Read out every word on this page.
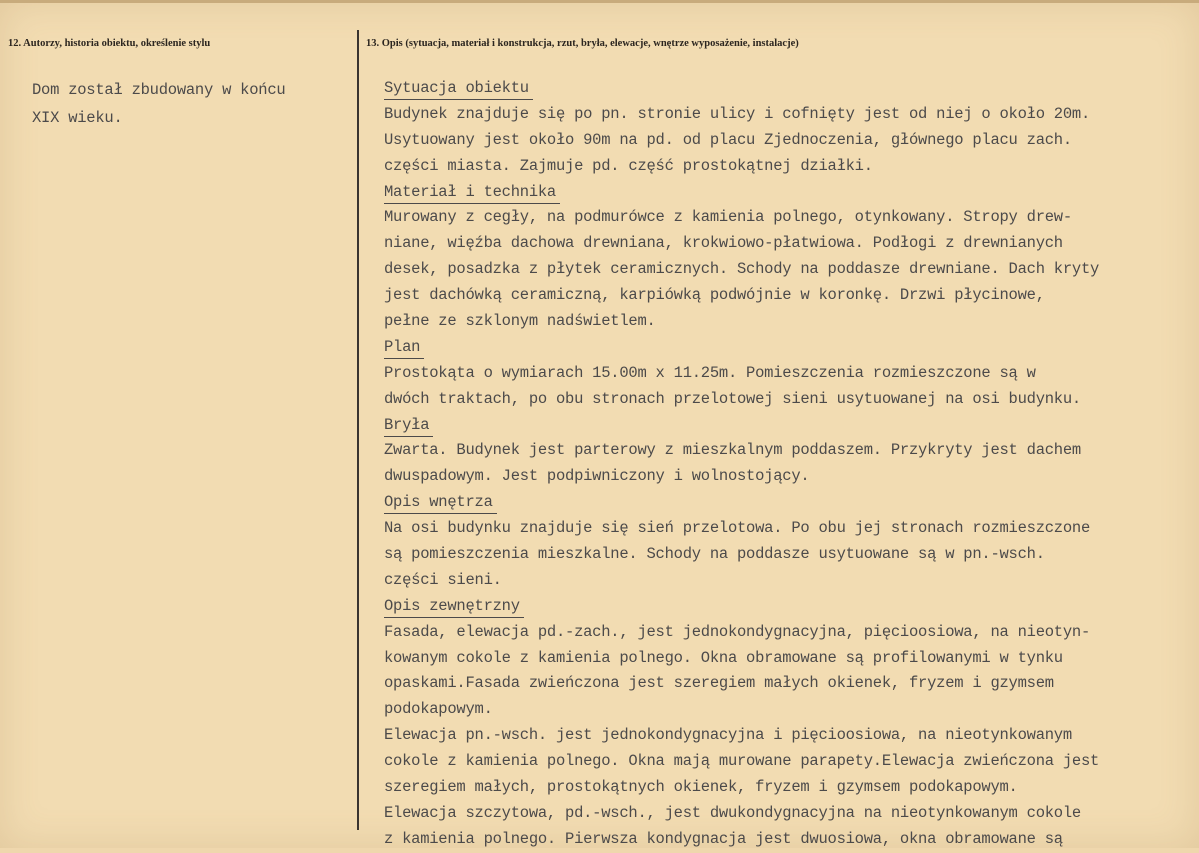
12. Autorzy, historia obiektu, określenie stylu	13. Opis (sytuacja, materiał i konstrukcja, rzut, bryła, elewacje, wnętrze wyposażenie, instalacje)
Dom został zbudowany w końcu
XIX wieku.
Sytuacja obiektu
Budynek znajduje się po pn. stronie ulicy i cofnięty jest od niej o około 20m.
Usytuowany jest około 90m na pd. od placu Zjednoczenia, głównego placu zach.
części miasta. Zajmuje pd. część prostokątnej działki.
Materiał i technika
Murowany z cegły, na podmurówce z kamienia polnego, otynkowany. Stropy drew-
niane, więźba dachowa drewniana, krokwiowo-płatwiowa. Podłogi z drewnianych
desek, posadzka z płytek ceramicznych. Schody na poddasze drewniane. Dach kryty
jest dachówką ceramiczną, karpiówką podwójnie w koronkę. Drzwi płycinowe,
pełne ze szklonym nadświetlem.
Plan
Prostokąta o wymiarach 15.00m x 11.25m. Pomieszczenia rozmieszczone są w
dwóch traktach, po obu stronach przelotowej sieni usytuowanej na osi budynku.
Bryła
Zwarta. Budynek jest parterowy z mieszkalnym poddaszem. Przykryty jest dachem
dwuspadowym. Jest podpiwniczony i wolnostojący.
Opis wnętrza
Na osi budynku znajduje się sień przelotowa. Po obu jej stronach rozmieszczone
są pomieszczenia mieszkalne. Schody na poddasze usytuowane są w pn.-wsch.
części sieni.
Opis zewnętrzny
Fasada, elewacja pd.-zach., jest jednokondygnacyjna, pięcioosiowa, na nieotyn-
kowanym cokole z kamienia polnego. Okna obramowane są profilowanymi w tynku
opaskami.Fasada zwieńczona jest szeregiem małych okienek, fryzem i gzymsem
podokapowym.
Elewacja pn.-wsch. jest jednokondygnacyjna i pięcioosiowa, na nieotynkowanym
cokole z kamienia polnego. Okna mają murowane parapety.Elewacja zwieńczona jest
szeregiem małych, prostokątnych okienek, fryzem i gzymsem podokapowym.
Elewacja szczytowa, pd.-wsch., jest dwukondygnacyjna na nieotynkowanym cokole
z kamienia polnego. Pierwsza kondygnacja jest dwuosiowa, okna obramowane są
